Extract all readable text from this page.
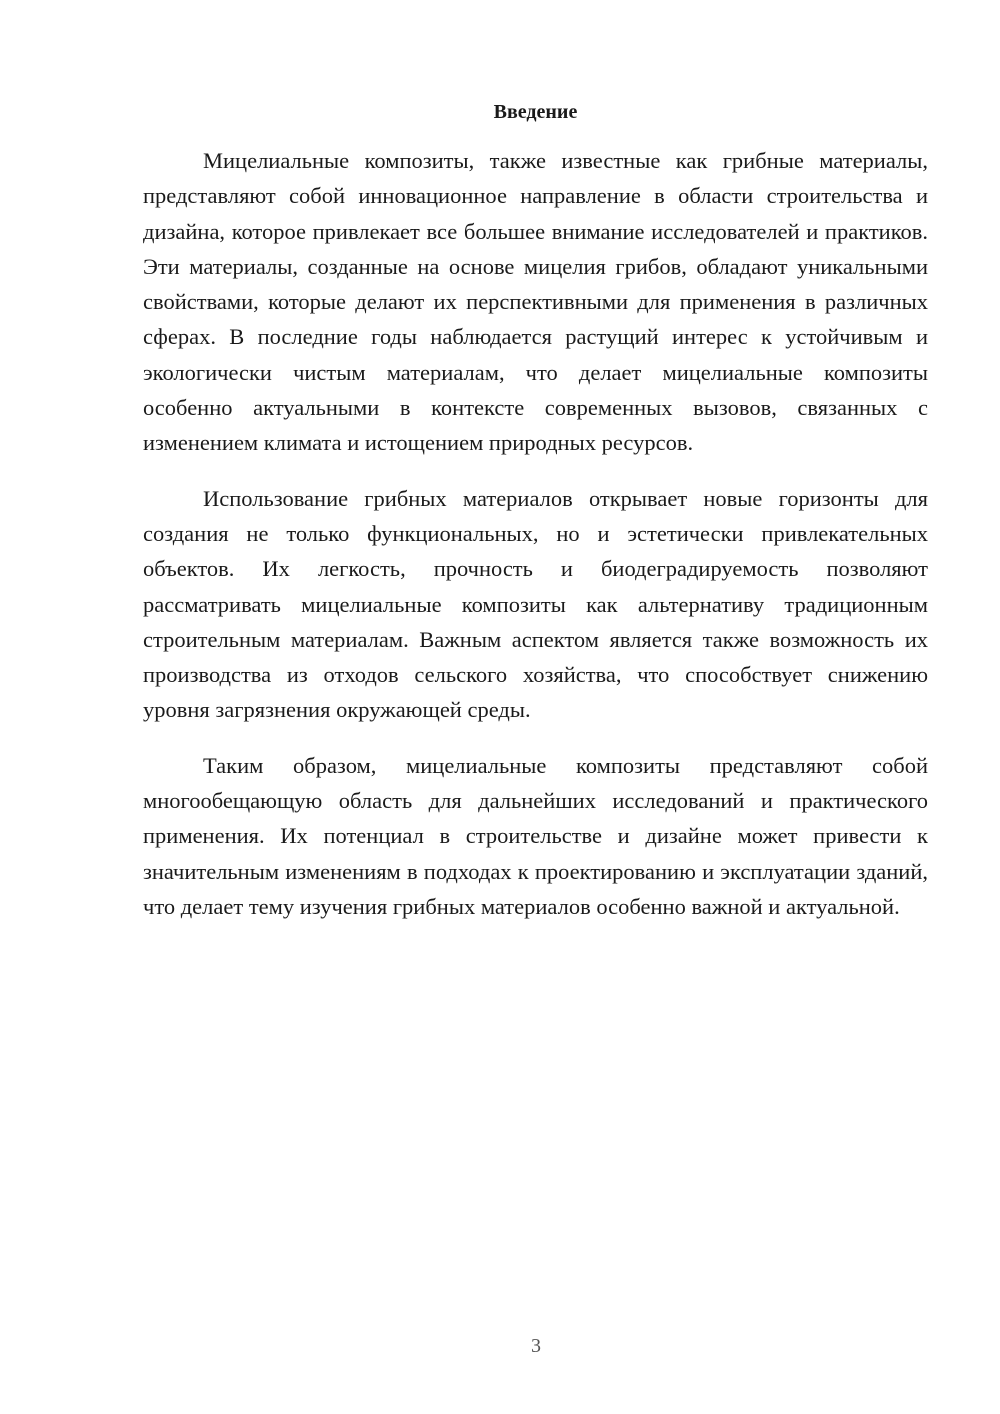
Введение

Мицелиальные композиты, также известные как грибные материалы, представляют собой инновационное направление в области строительства и дизайна, которое привлекает все большее внимание исследователей и практиков. Эти материалы, созданные на основе мицелия грибов, обладают уникальными свойствами, которые делают их перспективными для применения в различных сферах. В последние годы наблюдается растущий интерес к устойчивым и экологически чистым материалам, что делает мицелиальные композиты особенно актуальными в контексте современных вызовов, связанных с изменением климата и истощением природных ресурсов.

Использование грибных материалов открывает новые горизонты для создания не только функциональных, но и эстетически привлекательных объектов. Их легкость, прочность и биодеградируемость позволяют рассматривать мицелиальные композиты как альтернативу традиционным строительным материалам. Важным аспектом является также возможность их производства из отходов сельского хозяйства, что способствует снижению уровня загрязнения окружающей среды.

Таким образом, мицелиальные композиты представляют собой многообещающую область для дальнейших исследований и практического применения. Их потенциал в строительстве и дизайне может привести к значительным изменениям в подходах к проектированию и эксплуатации зданий, что делает тему изучения грибных материалов особенно важной и актуальной.

3
